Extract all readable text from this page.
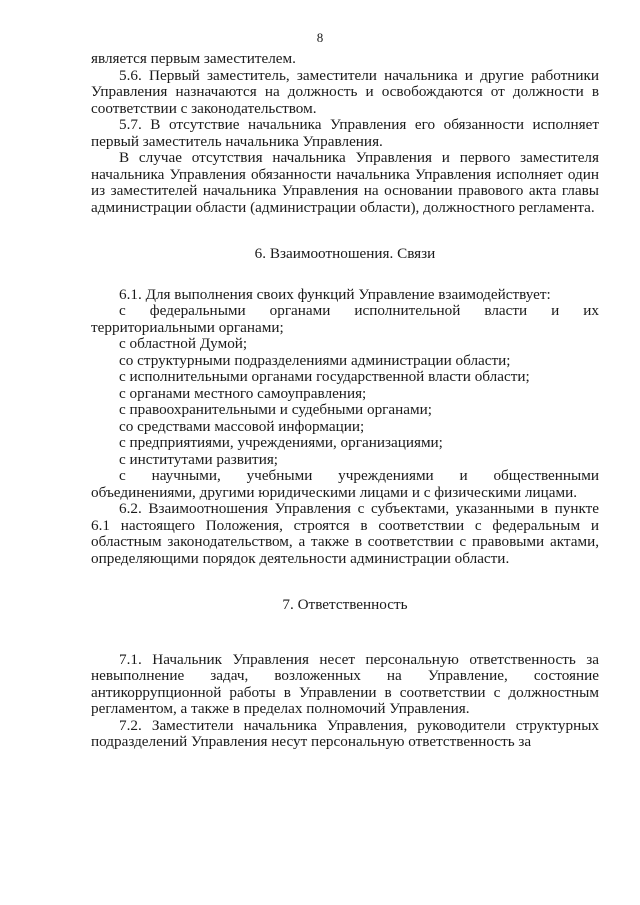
8

является первым заместителем.

5.6. Первый заместитель, заместители начальника и другие работники Управления назначаются на должность и освобождаются от должности в соответствии с законодательством.

5.7. В отсутствие начальника Управления его обязанности исполняет первый заместитель начальника Управления.

В случае отсутствия начальника Управления и первого заместителя начальника Управления обязанности начальника Управления исполняет один из заместителей начальника Управления на основании правового акта главы администрации области (администрации области), должностного регламента.

6. Взаимоотношения. Связи

6.1. Для выполнения своих функций Управление взаимодействует:

с федеральными органами исполнительной власти и их

территориальными органами;

с областной Думой;

со структурными подразделениями администрации области;

с исполнительными органами государственной власти области;

с органами местного самоуправления;

с правоохранительными и судебными органами;

со средствами массовой информации;

с предприятиями, учреждениями, организациями;

с институтами развития;

с научными, учебными учреждениями и общественными

объединениями, другими юридическими лицами и с физическими лицами.

6.2. Взаимоотношения Управления с субъектами, указанными в пункте 6.1 настоящего Положения, строятся в соответствии с федеральным и областным законодательством, а также в соответствии с правовыми актами, определяющими порядок деятельности администрации области.

7. Ответственность

7.1. Начальник Управления несет персональную ответственность за невыполнение задач, возложенных на Управление, состояние антикоррупционной работы в Управлении в соответствии с должностным регламентом, а также в пределах полномочий Управления.

7.2. Заместители начальника Управления, руководители структурных подразделений Управления несут персональную ответственность за
